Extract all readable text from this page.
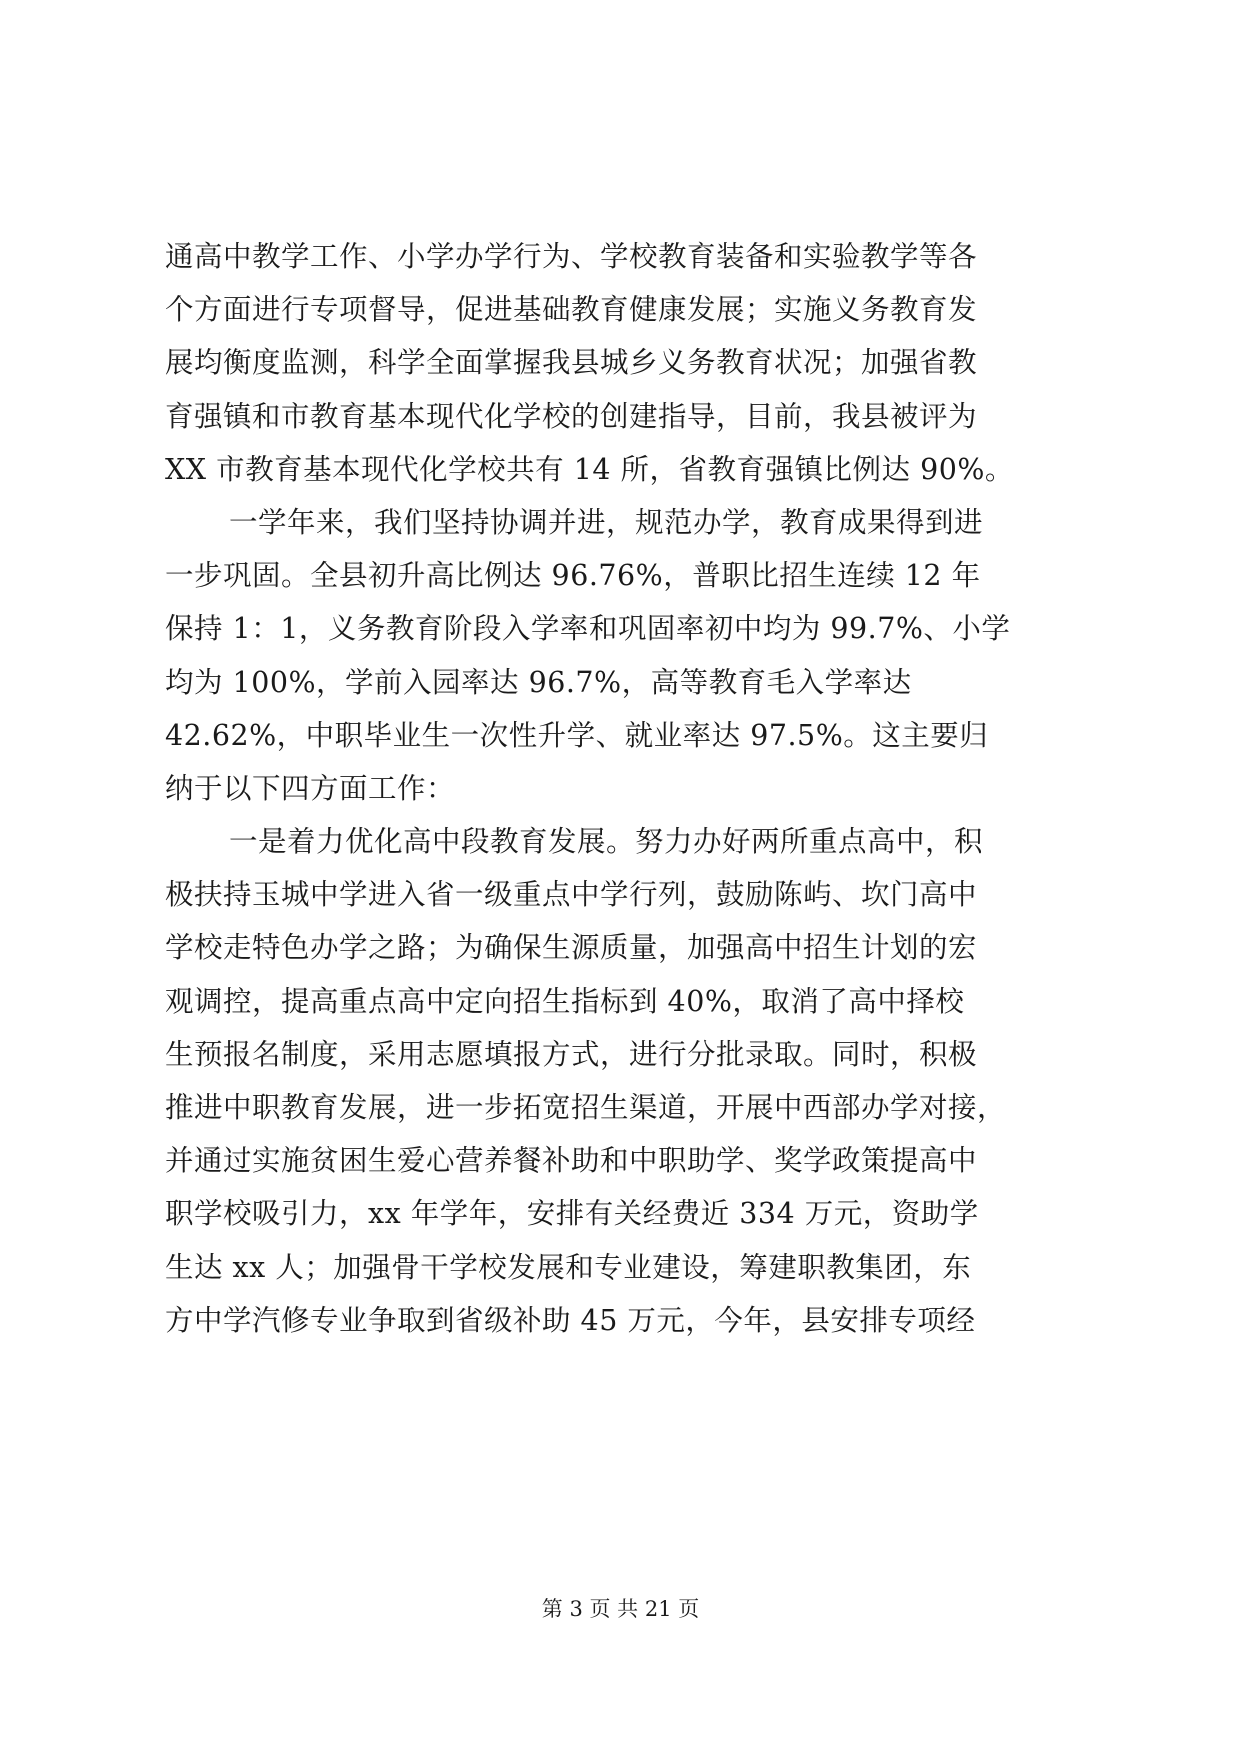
通高中教学工作、小学办学行为、学校教育装备和实验教学等各
个方面进行专项督导，促进基础教育健康发展；实施义务教育发
展均衡度监测，科学全面掌握我县城乡义务教育状况；加强省教
育强镇和市教育基本现代化学校的创建指导，目前，我县被评为
XX 市教育基本现代化学校共有 14 所，省教育强镇比例达 90%。
一学年来，我们坚持协调并进，规范办学，教育成果得到进
一步巩固。全县初升高比例达 96.76%，普职比招生连续 12 年
保持 1：1，义务教育阶段入学率和巩固率初中均为 99.7%、小学
均为 100%，学前入园率达 96.7%，高等教育毛入学率达
42.62%，中职毕业生一次性升学、就业率达 97.5%。这主要归
纳于以下四方面工作：
一是着力优化高中段教育发展。努力办好两所重点高中，积
极扶持玉城中学进入省一级重点中学行列，鼓励陈屿、坎门高中
学校走特色办学之路；为确保生源质量，加强高中招生计划的宏
观调控，提高重点高中定向招生指标到 40%，取消了高中择校
生预报名制度，采用志愿填报方式，进行分批录取。同时，积极
推进中职教育发展，进一步拓宽招生渠道，开展中西部办学对接，
并通过实施贫困生爱心营养餐补助和中职助学、奖学政策提高中
职学校吸引力，xx 年学年，安排有关经费近 334 万元，资助学
生达 xx 人；加强骨干学校发展和专业建设，筹建职教集团，东
方中学汽修专业争取到省级补助 45 万元，今年，县安排专项经
第 3 页 共 21 页
